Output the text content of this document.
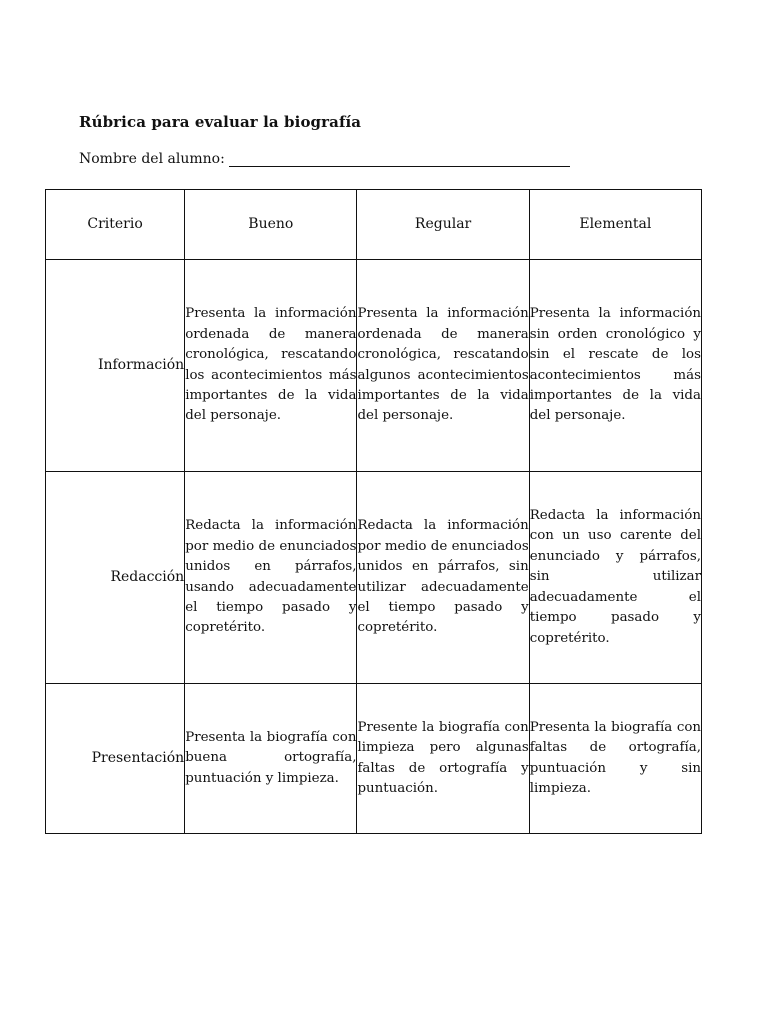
Rúbrica para evaluar la biografía
Nombre del alumno:
Criterio	Bueno	Regular	Elemental
Información	Presenta la información ordenada de manera cronológica, rescatando los acontecimientos más importantes de la vida del personaje.	Presenta la información ordenada de manera cronológica, rescatando algunos acontecimientos importantes de la vida del personaje.	Presenta la información sin orden cronológico y sin el rescate de los acontecimientos más importantes de la vida del personaje.
Redacción	Redacta la información por medio de enunciados unidos en párrafos, usando adecuadamente el tiempo pasado y copretérito.	Redacta la información por medio de enunciados unidos en párrafos, sin utilizar adecuadamente el tiempo pasado y copretérito.	Redacta la información con un uso carente del enunciado y párrafos, sin utilizar adecuadamente el tiempo pasado y copretérito.
Presentación	Presenta la biografía con buena ortografía, puntuación y limpieza.	Presente la biografía con limpieza pero algunas faltas de ortografía y puntuación.	Presenta la biografía con faltas de ortografía, puntuación y sin limpieza.
